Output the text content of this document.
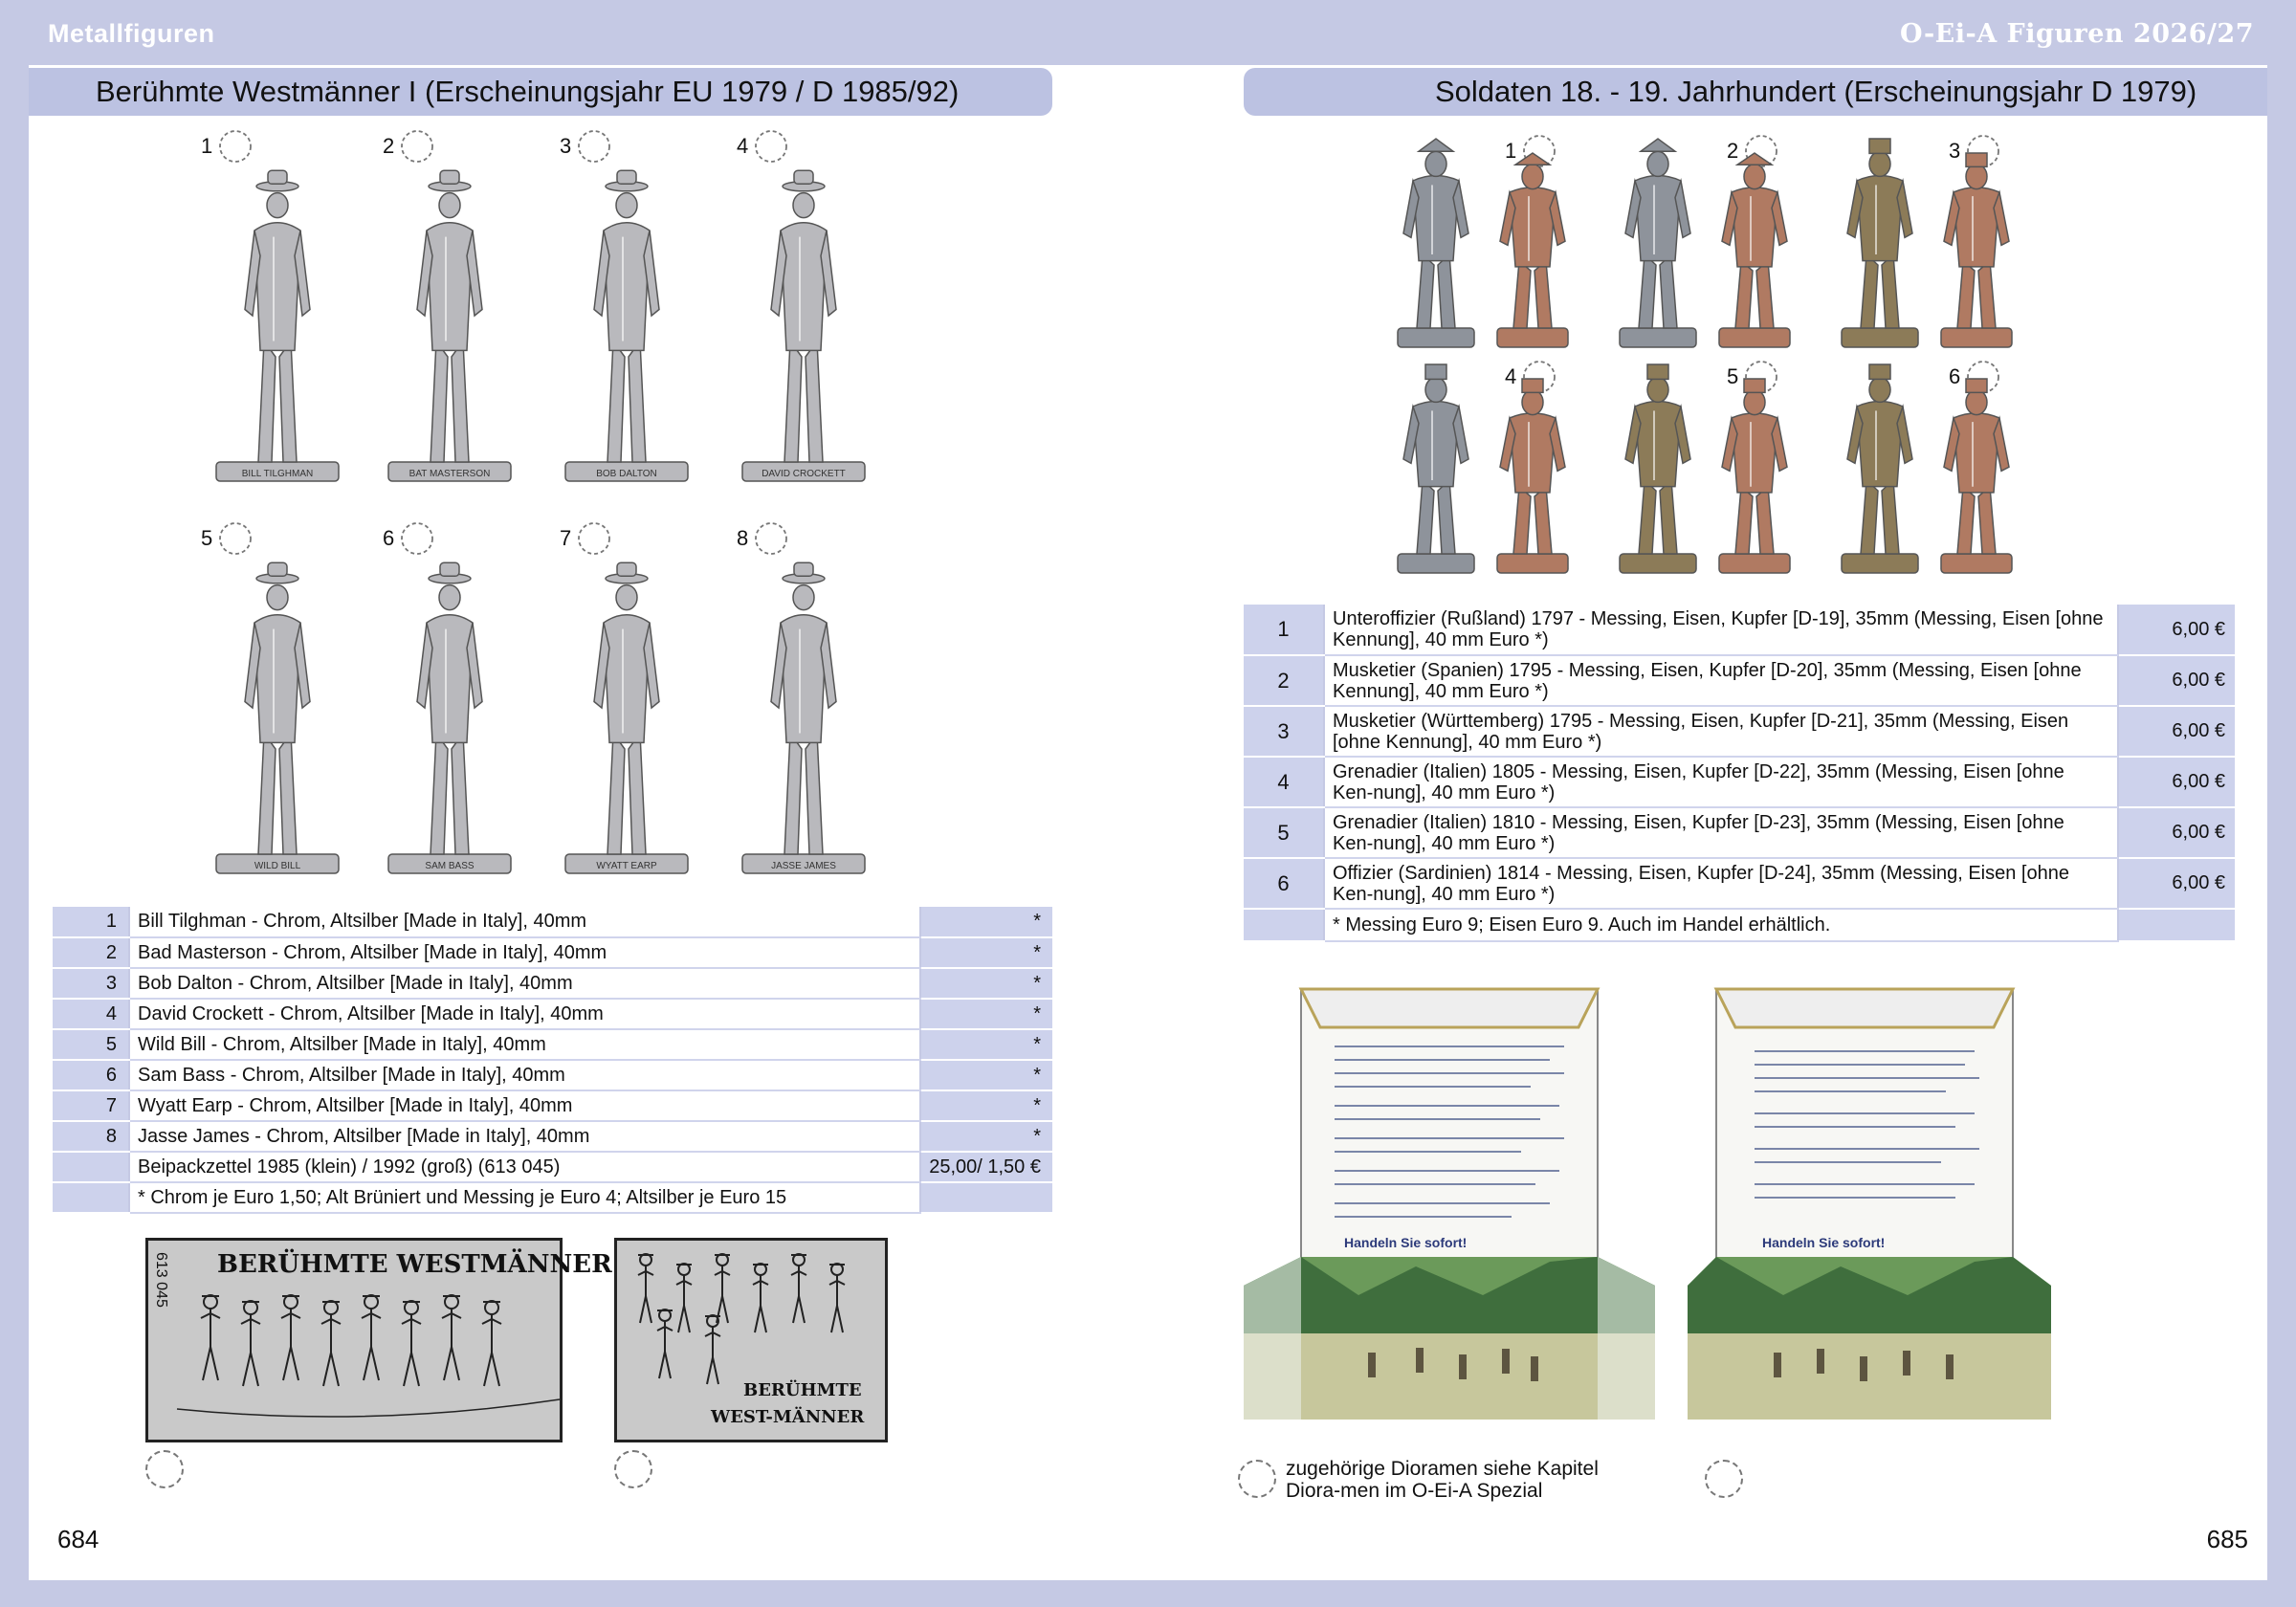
Metallfiguren	O-Ei-A Figuren 2026/27
Berühmte Westmänner I (Erscheinungsjahr EU 1979 / D 1985/92)
1
BILL TILGHMAN
2
BAT MASTERSON
3
BOB DALTON
4
DAVID CROCKETT
5
WILD BILL
6
SAM BASS
7
WYATT EARP
8
JASSE JAMES
1	Bill Tilghman - Chrom, Altsilber [Made in Italy], 40mm	*
2	Bad Masterson - Chrom, Altsilber [Made in Italy], 40mm	*
3	Bob Dalton - Chrom, Altsilber [Made in Italy], 40mm	*
4	David Crockett - Chrom, Altsilber [Made in Italy], 40mm	*
5	Wild Bill - Chrom, Altsilber [Made in Italy], 40mm	*
6	Sam Bass - Chrom, Altsilber [Made in Italy], 40mm	*
7	Wyatt Earp - Chrom, Altsilber [Made in Italy], 40mm	*
8	Jasse James - Chrom, Altsilber [Made in Italy], 40mm	*
	Beipackzettel 1985 (klein) / 1992 (groß) (613 045)	25,00/ 1,50 €
	* Chrom je Euro 1,50; Alt Brüniert und Messing je Euro 4; Altsilber je Euro 15	
BERÜHMTE WESTMÄNNER
613 045
BERÜHMTE
WEST-MÄNNER
684
Soldaten 18. - 19. Jahrhundert (Erscheinungsjahr D 1979)
1	2	3
4	5	6
1	Unteroffizier (Rußland) 1797 - Messing, Eisen, Kupfer [D-19], 35mm (Messing, Eisen [ohne Kennung], 40 mm Euro *)	6,00 €
2	Musketier (Spanien) 1795 - Messing, Eisen, Kupfer [D-20], 35mm (Messing, Eisen [ohne Kennung], 40 mm Euro *)	6,00 €
3	Musketier (Württemberg) 1795 - Messing, Eisen, Kupfer [D-21], 35mm (Messing, Eisen [ohne Kennung], 40 mm Euro *)	6,00 €
4	Grenadier (Italien) 1805 - Messing, Eisen, Kupfer [D-22], 35mm (Messing, Eisen [ohne Ken-nung], 40 mm Euro *)	6,00 €
5	Grenadier (Italien) 1810 - Messing, Eisen, Kupfer [D-23], 35mm (Messing, Eisen [ohne Ken-nung], 40 mm Euro *)	6,00 €
6	Offizier (Sardinien) 1814 - Messing, Eisen, Kupfer [D-24], 35mm (Messing, Eisen [ohne Ken-nung], 40 mm Euro *)	6,00 €
	* Messing Euro 9; Eisen Euro 9. Auch im Handel erhältlich.	
Handeln Sie sofort!	Handeln Sie sofort!
zugehörige Dioramen siehe Kapitel Diora-men im O-Ei-A Spezial
685
